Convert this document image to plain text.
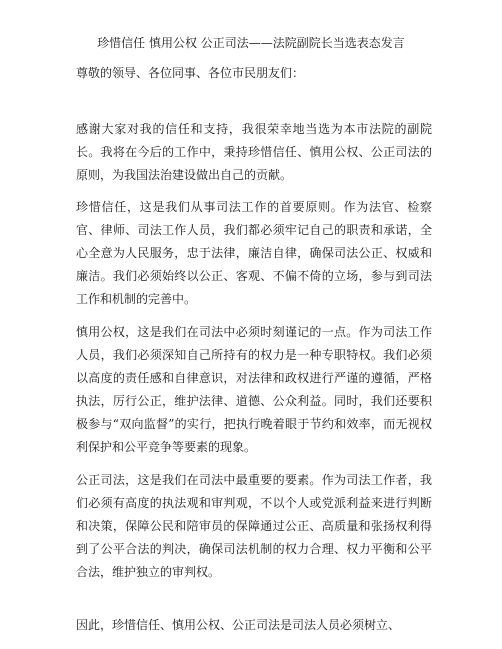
珍惜信任 慎用公权 公正司法——法院副院长当选表态发言
尊敬的领导、各位同事、各位市民朋友们：
感谢大家对我的信任和支持，我很荣幸地当选为本市法院的副院长。我将在今后的工作中，秉持珍惜信任、慎用公权、公正司法的原则，为我国法治建设做出自己的贡献。
珍惜信任，这是我们从事司法工作的首要原则。作为法官、检察官、律师、司法工作人员，我们都必须牢记自己的职责和承诺，全心全意为人民服务，忠于法律，廉洁自律，确保司法公正、权威和廉洁。我们必须始终以公正、客观、不偏不倚的立场，参与到司法工作和机制的完善中。
慎用公权，这是我们在司法中必须时刻谨记的一点。作为司法工作人员，我们必须深知自己所持有的权力是一种专职特权。我们必须以高度的责任感和自律意识，对法律和政权进行严谨的遵循，严格执法，厉行公正，维护法律、道德、公众利益。同时，我们还要积极参与“双向监督”的实行，把执行晚着眼于节约和效率，而无视权利保护和公平竞争等要素的现象。
公正司法，这是我们在司法中最重要的要素。作为司法工作者，我们必须有高度的执法观和审判观，不以个人或党派利益来进行判断和决策，保障公民和陪审员的保障通过公正、高质量和张扬权利得到了公平合法的判决，确保司法机制的权力合理、权力平衡和公平合法，维护独立的审判权。
因此，珍惜信任、慎用公权、公正司法是司法人员必须树立、
